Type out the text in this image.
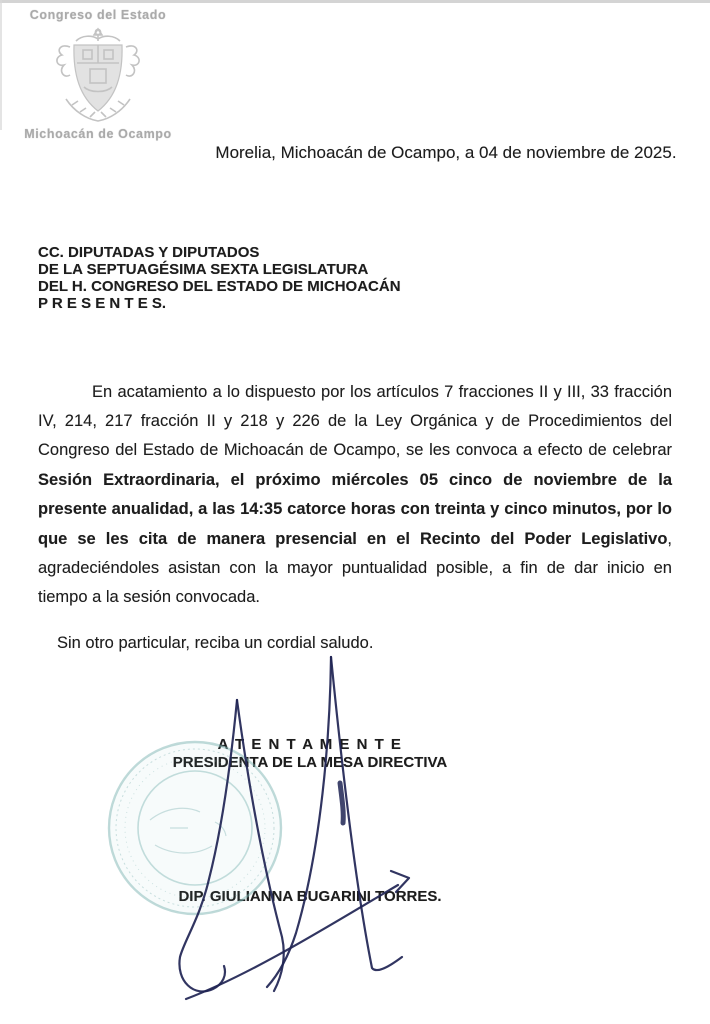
Congreso del Estado
Michoacán de Ocampo
Morelia, Michoacán de Ocampo, a 04 de noviembre de 2025.
CC. DIPUTADAS Y DIPUTADOS
DE LA SEPTUAGÉSIMA SEXTA LEGISLATURA
DEL H. CONGRESO DEL ESTADO DE MICHOACÁN
P R E S E N T E S.

En acatamiento a lo dispuesto por los artículos 7 fracciones II y III, 33 fracción IV, 214, 217 fracción II y 218 y 226 de la Ley Orgánica y de Procedimientos del Congreso del Estado de Michoacán de Ocampo, se les convoca a efecto de celebrar Sesión Extraordinaria, el próximo miércoles 05 cinco de noviembre de la presente anualidad, a las 14:35 catorce horas con treinta y cinco minutos, por lo que se les cita de manera presencial en el Recinto del Poder Legislativo, agradeciéndoles asistan con la mayor puntualidad posible, a fin de dar inicio en tiempo a la sesión convocada.

Sin otro particular, reciba un cordial saludo.
A T E N T A M E N T E
PRESIDENTA DE LA MESA DIRECTIVA
DIP. GIULIANNA BUGARINI TORRES.
